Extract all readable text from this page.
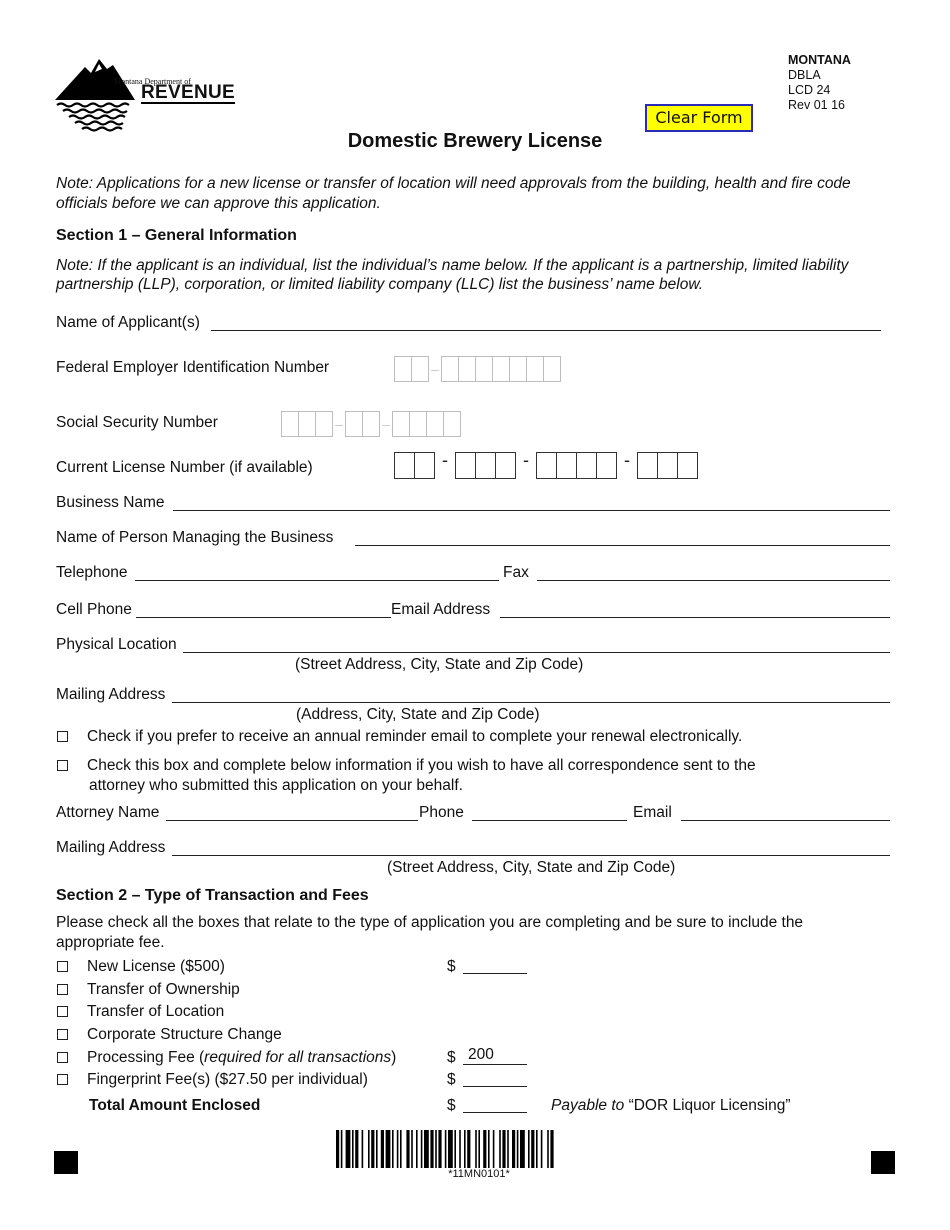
Montana Department of
REVENUE
MONTANA
DBLA
LCD 24
Rev 01 16
Clear Form
Domestic Brewery License
Note: Applications for a new license or transfer of location will need approvals from the building, health and fire code officials before we can approve this application.
Section 1 – General Information
Note: If the applicant is an individual, list the individual’s name below. If the applicant is a partnership, limited liability
partnership (LLP), corporation, or limited liability company (LLC) list the business’ name below.
Name of Applicant(s)
Federal Employer Identification Number	–
Social Security Number	–	–
Current License Number (if available)	-	-	-
Business Name
Name of Person Managing the Business
Telephone	Fax
Cell Phone	Email Address
Physical Location
(Street Address, City, State and Zip Code)
Mailing Address
(Address, City, State and Zip Code)
Check if you prefer to receive an annual reminder email to complete your renewal electronically.
Check this box and complete below information if you wish to have all correspondence sent to the
attorney who submitted this application on your behalf.
Attorney Name	Phone	Email
Mailing Address
(Street Address, City, State and Zip Code)
Section 2 – Type of Transaction and Fees
Please check all the boxes that relate to the type of application you are completing and be sure to include the
appropriate fee.
New License ($500)	$
Transfer of Ownership
Transfer of Location
Corporate Structure Change
Processing Fee (required for all transactions)	$ 200
Fingerprint Fee(s) ($27.50 per individual)	$
Total Amount Enclosed	$	Payable to “DOR Liquor Licensing”
*11MN0101*
